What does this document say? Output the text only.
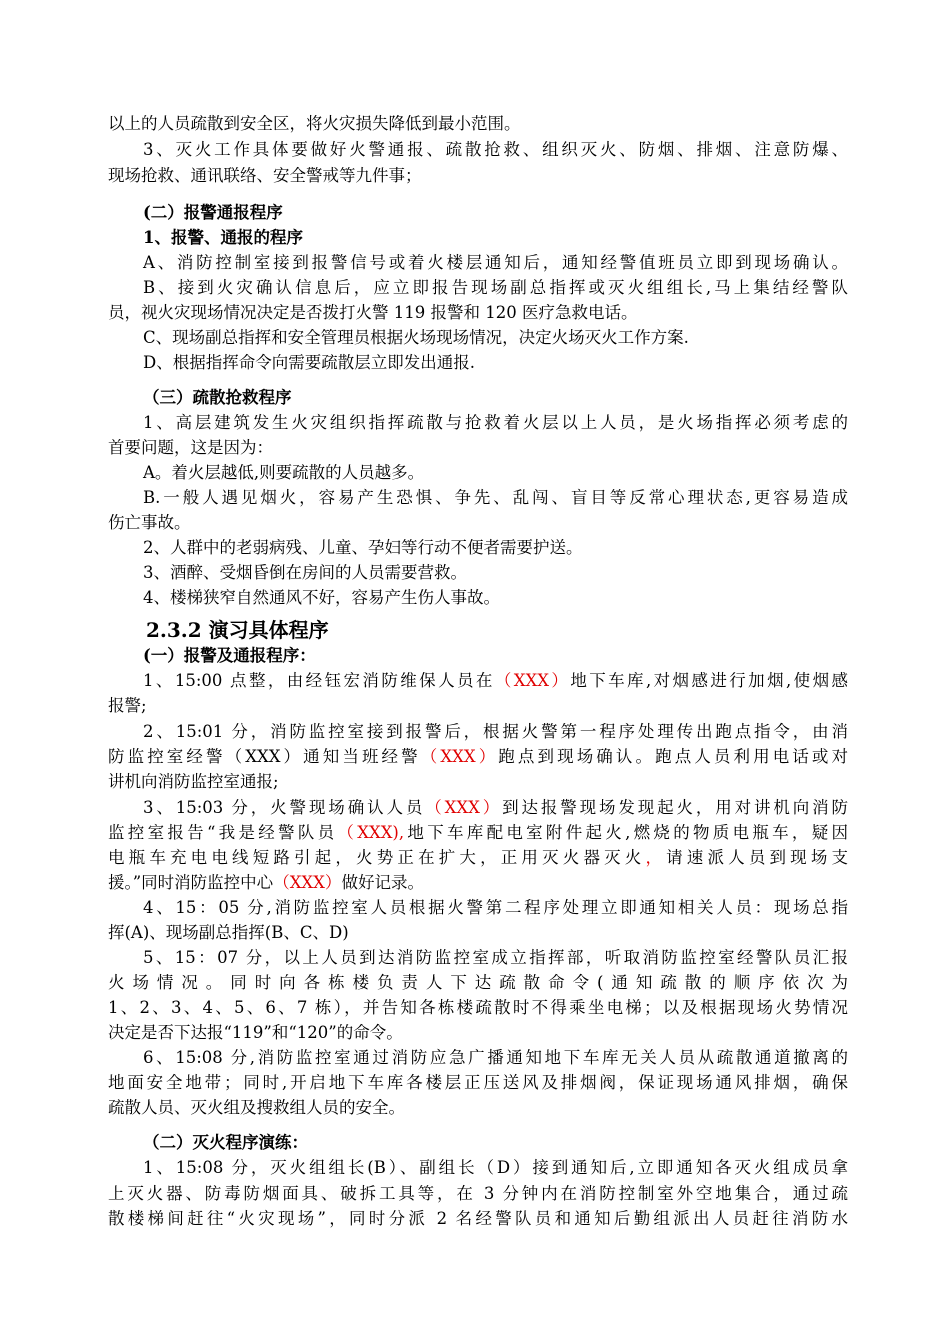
以上的人员疏散到安全区，将火灾损失降低到最小范围。
3、灭火工作具体要做好火警通报、疏散抢救、组织灭火、防烟、排烟、注意防爆、
现场抢救、通讯联络、安全警戒等九件事；
(二）报警通报程序
1、报警、通报的程序
A、消防控制室接到报警信号或着火楼层通知后，通知经警值班员立即到现场确认。
B、接到火灾确认信息后，应立即报告现场副总指挥或灭火组组长,马上集结经警队
员，视火灾现场情况决定是否拨打火警 119 报警和 120 医疗急救电话。
C、现场副总指挥和安全管理员根据火场现场情况，决定火场灭火工作方案.
D、根据指挥命令向需要疏散层立即发出通报.
（三）疏散抢救程序
1、高层建筑发生火灾组织指挥疏散与抢救着火层以上人员，是火场指挥必须考虑的
首要问题，这是因为：
A。着火层越低,则要疏散的人员越多。
B.一般人遇见烟火，容易产生恐惧、争先、乱闯、盲目等反常心理状态,更容易造成
伤亡事故。
2、人群中的老弱病残、儿童、孕妇等行动不便者需要护送。
3、酒醉、受烟昏倒在房间的人员需要营救。
4、楼梯狭窄自然通风不好，容易产生伤人事故。
2.3.2 演习具体程序
(一）报警及通报程序：
1、15:00 点整，由经钰宏消防维保人员在（XXX）地下车库,对烟感进行加烟,使烟感
报警;
2、15:01 分，消防监控室接到报警后，根据火警第一程序处理传出跑点指令，由消
防监控室经警（XXX）通知当班经警（XXX）跑点到现场确认。跑点人员利用电话或对
讲机向消防监控室通报;
3、15:03 分，火警现场确认人员（XXX）到达报警现场发现起火，用对讲机向消防
监控室报告“我是经警队员（XXX),地下车库配电室附件起火,燃烧的物质电瓶车，疑因
电瓶车充电电线短路引起，火势正在扩大，正用灭火器灭火，请速派人员到现场支
援。”同时消防监控中心（XXX）做好记录。
4、15：05 分,消防监控室人员根据火警第二程序处理立即通知相关人员：现场总指
挥(A)、现场副总指挥(B、C、D)
5、15：07 分，以上人员到达消防监控室成立指挥部，听取消防监控室经警队员汇报
火场情况。同时向各栋楼负责人下达疏散命令(通知疏散的顺序依次为
1、2、3、4、5、6、7 栋），并告知各栋楼疏散时不得乘坐电梯；以及根据现场火势情况
决定是否下达报“119”和“120”的命令。
6、15:08 分,消防监控室通过消防应急广播通知地下车库无关人员从疏散通道撤离的
地面安全地带；同时,开启地下车库各楼层正压送风及排烟阀，保证现场通风排烟，确保
疏散人员、灭火组及搜救组人员的安全。
（二）灭火程序演练：
1、15:08 分，灭火组组长(B）、副组长（D）接到通知后,立即通知各灭火组成员拿
上灭火器、防毒防烟面具、破拆工具等，在 3 分钟内在消防控制室外空地集合，通过疏
散楼梯间赶往“火灾现场”，同时分派 2 名经警队员和通知后勤组派出人员赶往消防水
